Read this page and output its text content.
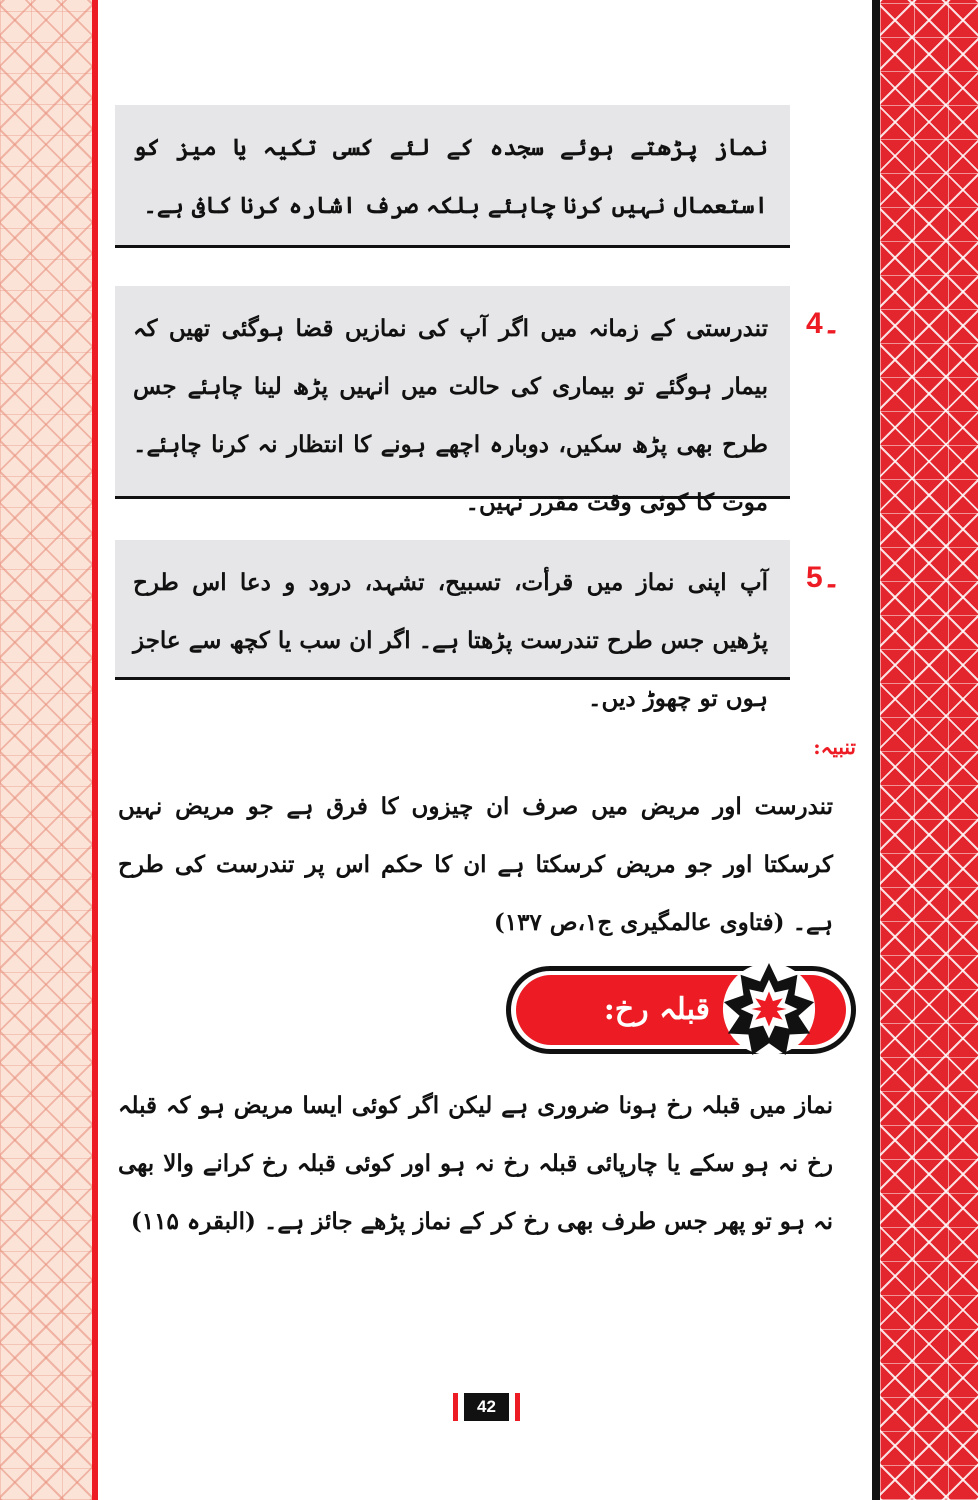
نماز پڑھتے ہوئے سجدہ کے لئے کسی تکیہ یا میز کو استعمال نہیں کرنا چاہئے بلکہ صرف اشارہ کرنا کافی ہے۔
4۔
تندرستی کے زمانہ میں اگر آپ کی نمازیں قضا ہوگئی تھیں کہ بیمار ہوگئے تو بیماری کی حالت میں انہیں پڑھ لینا چاہئے جس طرح بھی پڑھ سکیں، دوبارہ اچھے ہونے کا انتظار نہ کرنا چاہئے۔ موت کا کوئی وقت مقرر نہیں۔
5۔
آپ اپنی نماز میں قرأت، تسبیح، تشہد، درود و دعا اس طرح پڑھیں جس طرح تندرست پڑھتا ہے۔ اگر ان سب یا کچھ سے عاجز ہوں تو چھوڑ دیں۔
تنبیہ:
تندرست اور مریض میں صرف ان چیزوں کا فرق ہے جو مریض نہیں کرسکتا اور جو مریض کرسکتا ہے ان کا حکم اس پر تندرست کی طرح ہے۔ (فتاوی عالمگیری ج۱،ص ۱۳۷)
قبلہ رخ:
نماز میں قبلہ رخ ہونا ضروری ہے لیکن اگر کوئی ایسا مریض ہو کہ قبلہ رخ نہ ہو سکے یا چارپائی قبلہ رخ نہ ہو اور کوئی قبلہ رخ کرانے والا بھی نہ ہو تو پھر جس طرف بھی رخ کر کے نماز پڑھے جائز ہے۔ (البقرہ ۱۱۵)
42
